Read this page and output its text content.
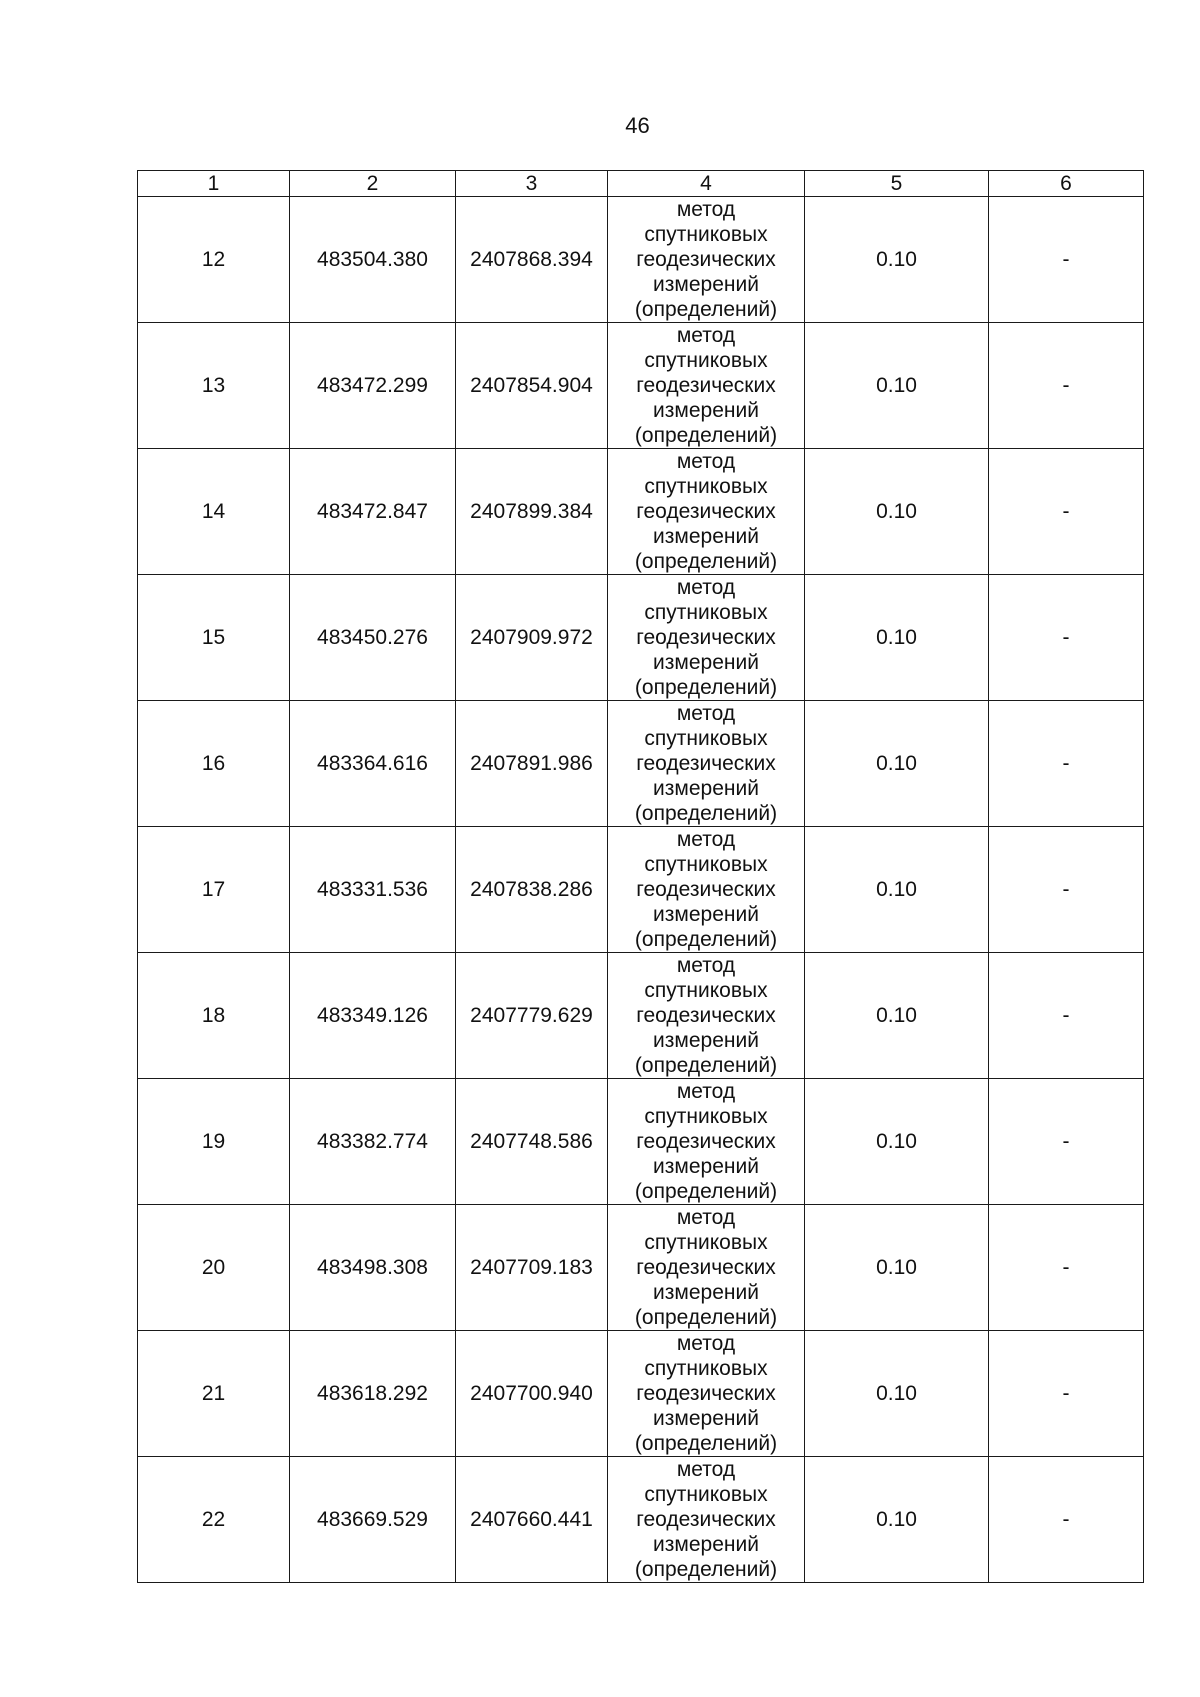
46
1	2	3	4	5	6
12	483504.380	2407868.394	метод
спутниковых
геодезических
измерений
(определений)	0.10	-
13	483472.299	2407854.904	метод
спутниковых
геодезических
измерений
(определений)	0.10	-
14	483472.847	2407899.384	метод
спутниковых
геодезических
измерений
(определений)	0.10	-
15	483450.276	2407909.972	метод
спутниковых
геодезических
измерений
(определений)	0.10	-
16	483364.616	2407891.986	метод
спутниковых
геодезических
измерений
(определений)	0.10	-
17	483331.536	2407838.286	метод
спутниковых
геодезических
измерений
(определений)	0.10	-
18	483349.126	2407779.629	метод
спутниковых
геодезических
измерений
(определений)	0.10	-
19	483382.774	2407748.586	метод
спутниковых
геодезических
измерений
(определений)	0.10	-
20	483498.308	2407709.183	метод
спутниковых
геодезических
измерений
(определений)	0.10	-
21	483618.292	2407700.940	метод
спутниковых
геодезических
измерений
(определений)	0.10	-
22	483669.529	2407660.441	метод
спутниковых
геодезических
измерений
(определений)	0.10	-
